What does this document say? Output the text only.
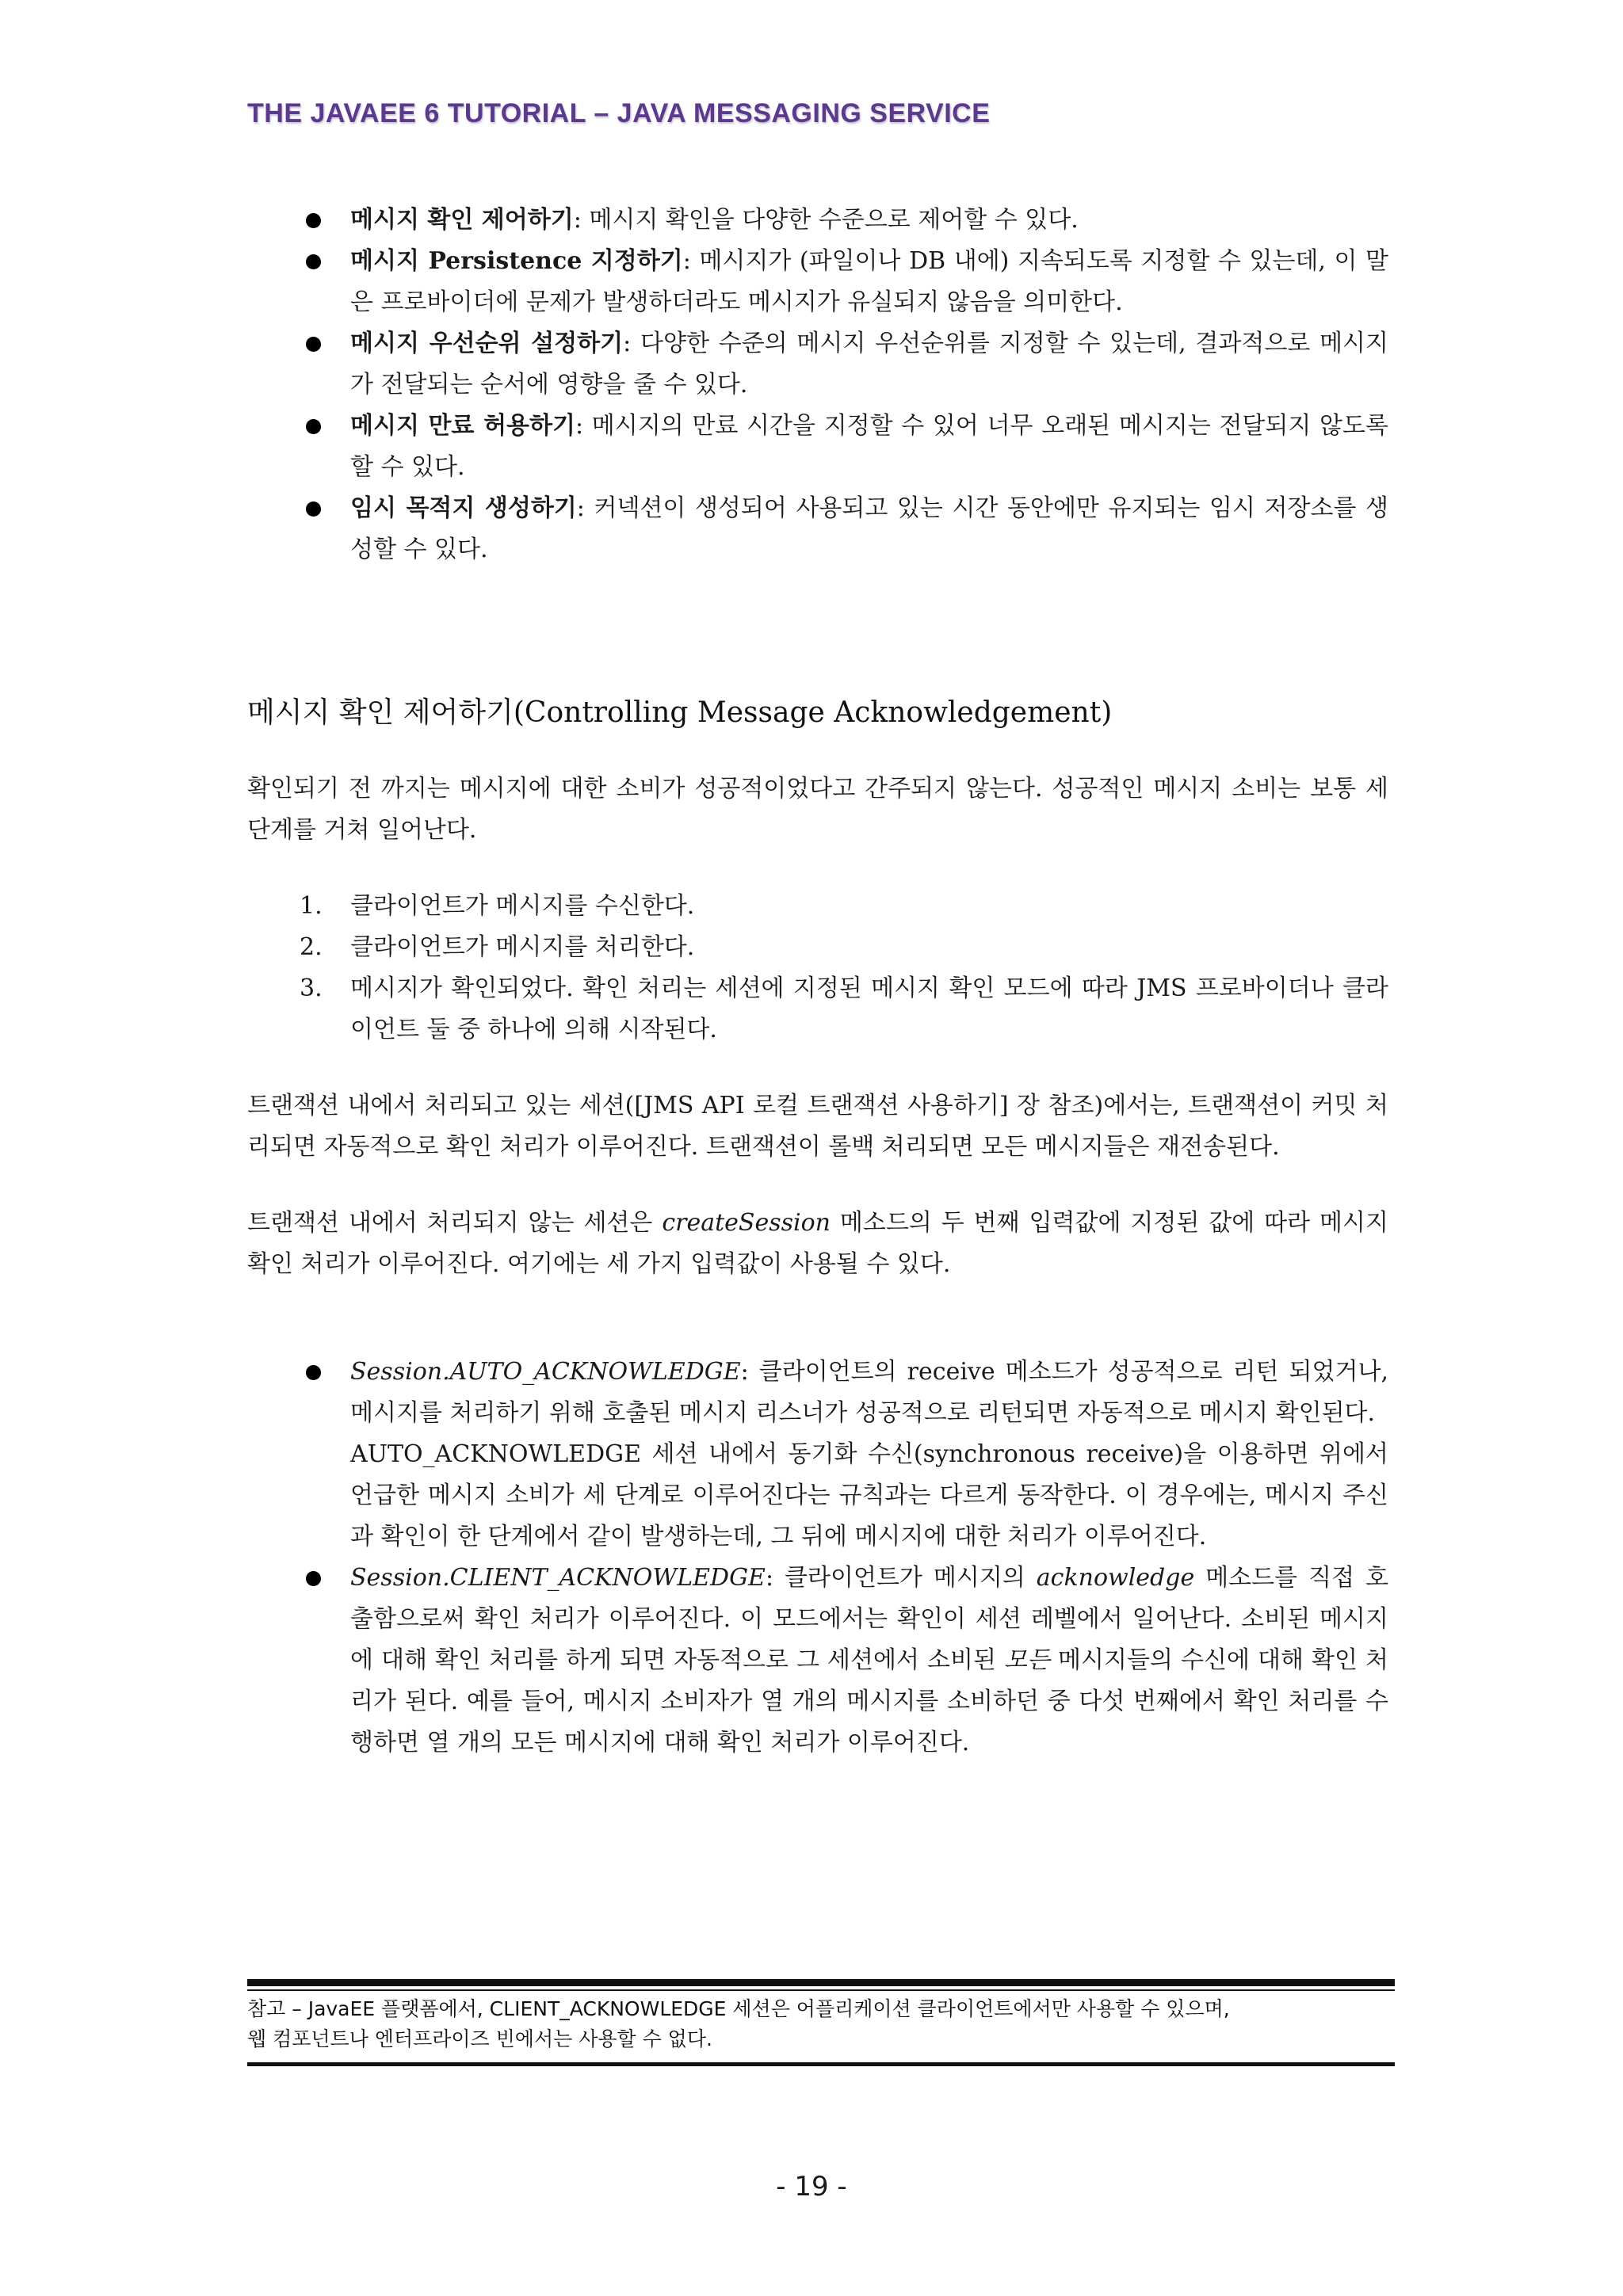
THE JAVAEE 6 TUTORIAL – JAVA MESSAGING SERVICE
메시지 확인 제어하기: 메시지 확인을 다양한 수준으로 제어할 수 있다.
메시지 Persistence 지정하기: 메시지가 (파일이나 DB 내에) 지속되도록 지정할 수 있는데, 이 말은 프로바이더에 문제가 발생하더라도 메시지가 유실되지 않음을 의미한다.
메시지 우선순위 설정하기: 다양한 수준의 메시지 우선순위를 지정할 수 있는데, 결과적으로 메시지가 전달되는 순서에 영향을 줄 수 있다.
메시지 만료 허용하기: 메시지의 만료 시간을 지정할 수 있어 너무 오래된 메시지는 전달되지 않도록 할 수 있다.
임시 목적지 생성하기: 커넥션이 생성되어 사용되고 있는 시간 동안에만 유지되는 임시 저장소를 생성할 수 있다.
메시지 확인 제어하기(Controlling Message Acknowledgement)

확인되기 전 까지는 메시지에 대한 소비가 성공적이었다고 간주되지 않는다. 성공적인 메시지 소비는 보통 세 단계를 거쳐 일어난다.

1. 클라이언트가 메시지를 수신한다.
2. 클라이언트가 메시지를 처리한다.
3. 메시지가 확인되었다. 확인 처리는 세션에 지정된 메시지 확인 모드에 따라 JMS 프로바이더나 클라이언트 둘 중 하나에 의해 시작된다.

트랜잭션 내에서 처리되고 있는 세션([JMS API 로컬 트랜잭션 사용하기] 장 참조)에서는, 트랜잭션이 커밋 처리되면 자동적으로 확인 처리가 이루어진다. 트랜잭션이 롤백 처리되면 모든 메시지들은 재전송된다.

트랜잭션 내에서 처리되지 않는 세션은 createSession 메소드의 두 번째 입력값에 지정된 값에 따라 메시지 확인 처리가 이루어진다. 여기에는 세 가지 입력값이 사용될 수 있다.

Session.AUTO_ACKNOWLEDGE: 클라이언트의 receive 메소드가 성공적으로 리턴 되었거나, 메시지를 처리하기 위해 호출된 메시지 리스너가 성공적으로 리턴되면 자동적으로 메시지 확인된다.
AUTO_ACKNOWLEDGE 세션 내에서 동기화 수신(synchronous receive)을 이용하면 위에서 언급한 메시지 소비가 세 단계로 이루어진다는 규칙과는 다르게 동작한다. 이 경우에는, 메시지 주신과 확인이 한 단계에서 같이 발생하는데, 그 뒤에 메시지에 대한 처리가 이루어진다.
Session.CLIENT_ACKNOWLEDGE: 클라이언트가 메시지의 acknowledge 메소드를 직접 호출함으로써 확인 처리가 이루어진다. 이 모드에서는 확인이 세션 레벨에서 일어난다. 소비된 메시지에 대해 확인 처리를 하게 되면 자동적으로 그 세션에서 소비된 모든 메시지들의 수신에 대해 확인 처리가 된다. 예를 들어, 메시지 소비자가 열 개의 메시지를 소비하던 중 다섯 번째에서 확인 처리를 수행하면 열 개의 모든 메시지에 대해 확인 처리가 이루어진다.
참고 – JavaEE 플랫폼에서, CLIENT_ACKNOWLEDGE 세션은 어플리케이션 클라이언트에서만 사용할 수 있으며,
웹 컴포넌트나 엔터프라이즈 빈에서는 사용할 수 없다.
- 19 -
